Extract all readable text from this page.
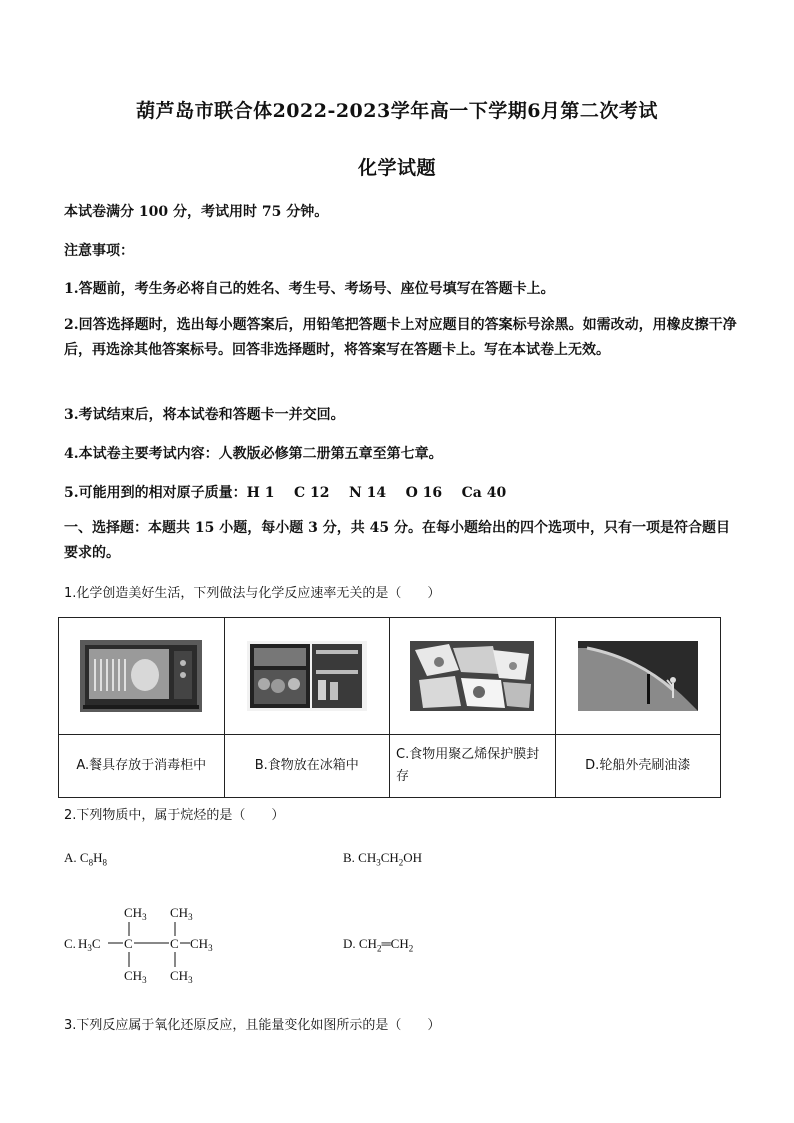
葫芦岛市联合体2022-2023学年高一下学期6月第二次考试
化学试题
本试卷满分 100 分，考试用时 75 分钟。
注意事项：
1.答题前，考生务必将自己的姓名、考生号、考场号、座位号填写在答题卡上。
2.回答选择题时，选出每小题答案后，用铅笔把答题卡上对应题目的答案标号涂黑。如需改动，用橡皮擦干净后，再选涂其他答案标号。回答非选择题时，将答案写在答题卡上。写在本试卷上无效。
3.考试结束后，将本试卷和答题卡一并交回。
4.本试卷主要考试内容：人教版必修第二册第五章至第七章。
5.可能用到的相对原子质量：H 1    C 12    N 14    O 16    Ca 40
一、选择题：本题共 15 小题，每小题 3 分，共 45 分。在每小题给出的四个选项中，只有一项是符合题目要求的。
1.化学创造美好生活，下列做法与化学反应速率无关的是（　　）

A.餐具存放于消毒柜中	B.食物放在冰箱中	C.食物用聚乙烯保护膜封存	D.轮船外壳刷油漆
2.下列物质中，属于烷烃的是（　　）
A. $C_8H_8$	B. $CH_3CH_2OH$
C.
$CH_3$ $CH_3$
$H_3C$ C	C $CH_3$
$CH_3$ $CH_3$
D. $CH_2═CH_2$
3.下列反应属于氧化还原反应，且能量变化如图所示的是（　　）
